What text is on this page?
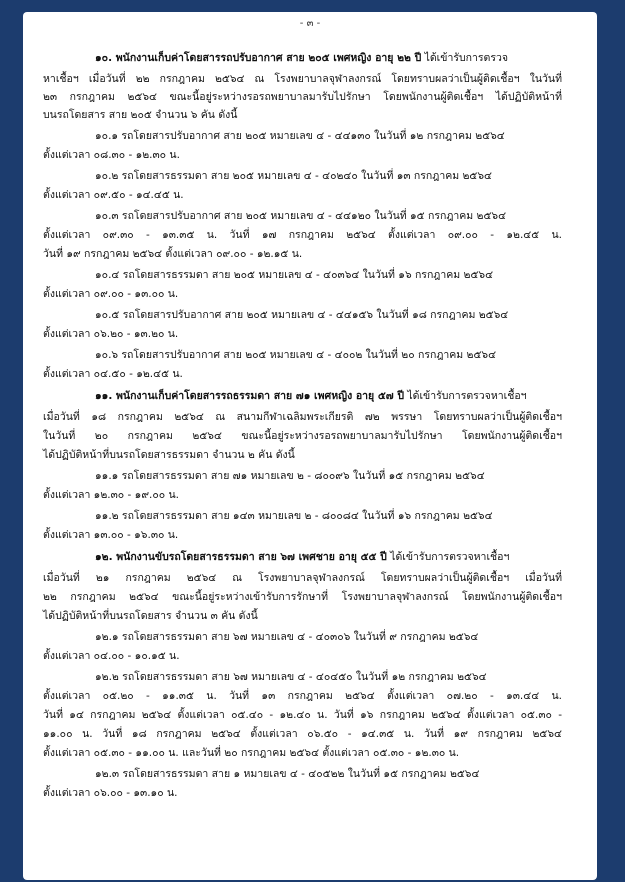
- ๓ -
๑๐. พนักงานเก็บค่าโดยสารรถปรับอากาศ สาย ๒๐๕ เพศหญิง อายุ ๒๒ ปี ได้เข้ารับการตรวจ
หาเชื้อฯ เมื่อวันที่ ๒๒ กรกฎาคม ๒๕๖๔ ณ โรงพยาบาลจุฬาลงกรณ์ โดยทราบผลว่าเป็นผู้ติดเชื้อฯ ในวันที่
๒๓ กรกฎาคม ๒๕๖๔ ขณะนี้อยู่ระหว่างรอรถพยาบาลมารับไปรักษา โดยพนักงานผู้ติดเชื้อฯ ได้ปฏิบัติหน้าที่
บนรถโดยสาร สาย ๒๐๕ จำนวน ๖ คัน ดังนี้
๑๐.๑ รถโดยสารปรับอากาศ สาย ๒๐๕ หมายเลข ๔ - ๔๔๑๓๐ ในวันที่ ๑๒ กรกฎาคม ๒๕๖๔
ตั้งแต่เวลา ๐๘.๓๐ - ๑๒.๓๐ น.
๑๐.๒ รถโดยสารธรรมดา สาย ๒๐๕ หมายเลข ๔ - ๔๐๒๔๐ ในวันที่ ๑๓ กรกฎาคม ๒๕๖๔
ตั้งแต่เวลา ๐๙.๕๐ - ๑๔.๔๕ น.
๑๐.๓ รถโดยสารปรับอากาศ สาย ๒๐๕ หมายเลข ๔ - ๔๔๑๒๐ ในวันที่ ๑๕ กรกฎาคม ๒๕๖๔
ตั้งแต่เวลา ๐๙.๓๐ - ๑๓.๓๕ น. วันที่ ๑๗ กรกฎาคม ๒๕๖๔ ตั้งแต่เวลา ๐๙.๐๐ - ๑๒.๔๕ น.
วันที่ ๑๙ กรกฎาคม ๒๕๖๔ ตั้งแต่เวลา ๐๙.๐๐ - ๑๒.๑๕ น.
๑๐.๔ รถโดยสารธรรมดา สาย ๒๐๕ หมายเลข ๔ - ๔๐๓๖๔ ในวันที่ ๑๖ กรกฎาคม ๒๕๖๔
ตั้งแต่เวลา ๐๙.๐๐ - ๑๓.๐๐ น.
๑๐.๕ รถโดยสารปรับอากาศ สาย ๒๐๕ หมายเลข ๔ - ๔๔๑๕๖ ในวันที่ ๑๘ กรกฎาคม ๒๕๖๔
ตั้งแต่เวลา ๐๖.๒๐ - ๑๓.๒๐ น.
๑๐.๖ รถโดยสารปรับอากาศ สาย ๒๐๕ หมายเลข ๔ - ๔๐๐๒ ในวันที่ ๒๐ กรกฎาคม ๒๕๖๔
ตั้งแต่เวลา ๐๔.๕๐ - ๑๒.๔๕ น.
๑๑. พนักงานเก็บค่าโดยสารรถธรรมดา สาย ๗๑ เพศหญิง อายุ ๕๗ ปี ได้เข้ารับการตรวจหาเชื้อฯ
เมื่อวันที่ ๑๘ กรกฎาคม ๒๕๖๔ ณ สนามกีฬาเฉลิมพระเกียรติ ๗๒ พรรษา โดยทราบผลว่าเป็นผู้ติดเชื้อฯ
ในวันที่ ๒๐ กรกฎาคม ๒๕๖๔ ขณะนี้อยู่ระหว่างรอรถพยาบาลมารับไปรักษา โดยพนักงานผู้ติดเชื้อฯ
ได้ปฏิบัติหน้าที่บนรถโดยสารธรรมดา จำนวน ๒ คัน ดังนี้
๑๑.๑ รถโดยสารธรรมดา สาย ๗๑ หมายเลข ๒ - ๘๐๐๙๖ ในวันที่ ๑๕ กรกฎาคม ๒๕๖๔
ตั้งแต่เวลา ๑๒.๓๐ - ๑๙.๐๐ น.
๑๑.๒ รถโดยสารธรรมดา สาย ๑๔๓ หมายเลข ๒ - ๘๐๐๘๔ ในวันที่ ๑๖ กรกฎาคม ๒๕๖๔
ตั้งแต่เวลา ๑๓.๐๐ - ๑๖.๓๐ น.
๑๒. พนักงานขับรถโดยสารธรรมดา สาย ๖๗ เพศชาย อายุ ๕๕ ปี ได้เข้ารับการตรวจหาเชื้อฯ
เมื่อวันที่ ๒๑ กรกฎาคม ๒๕๖๔ ณ โรงพยาบาลจุฬาลงกรณ์ โดยทราบผลว่าเป็นผู้ติดเชื้อฯ เมื่อวันที่
๒๒ กรกฎาคม ๒๕๖๔ ขณะนี้อยู่ระหว่างเข้ารับการรักษาที่ โรงพยาบาลจุฬาลงกรณ์ โดยพนักงานผู้ติดเชื้อฯ
ได้ปฏิบัติหน้าที่บนรถโดยสาร จำนวน ๓ คัน ดังนี้
๑๒.๑ รถโดยสารธรรมดา สาย ๖๗ หมายเลข ๔ - ๔๐๓๐๖ ในวันที่ ๙ กรกฎาคม ๒๕๖๔
ตั้งแต่เวลา ๐๔.๐๐ - ๑๐.๑๕ น.
๑๒.๒ รถโดยสารธรรมดา สาย ๖๗ หมายเลข ๔ - ๔๐๔๕๐ ในวันที่ ๑๒ กรกฎาคม ๒๕๖๔
ตั้งแต่เวลา ๐๕.๒๐ - ๑๑.๓๕ น. วันที่ ๑๓ กรกฎาคม ๒๕๖๔ ตั้งแต่เวลา ๐๗.๒๐ - ๑๓.๔๔ น.
วันที่ ๑๔ กรกฎาคม ๒๕๖๔ ตั้งแต่เวลา ๐๕.๔๐ - ๑๒.๔๐ น. วันที่ ๑๖ กรกฎาคม ๒๕๖๔ ตั้งแต่เวลา ๐๕.๓๐ -
๑๑.๐๐ น. วันที่ ๑๘ กรกฎาคม ๒๕๖๔ ตั้งแต่เวลา ๐๖.๕๐ - ๑๔.๓๕ น. วันที่ ๑๙ กรกฎาคม ๒๕๖๔
ตั้งแต่เวลา ๐๕.๓๐ - ๑๑.๐๐ น. และวันที่ ๒๐ กรกฎาคม ๒๕๖๔ ตั้งแต่เวลา ๐๕.๓๐ - ๑๒.๓๐ น.
๑๒.๓ รถโดยสารธรรมดา สาย ๑ หมายเลข ๔ - ๔๐๕๒๒ ในวันที่ ๑๕ กรกฎาคม ๒๕๖๔
ตั้งแต่เวลา ๐๖.๐๐ - ๑๓.๑๐ น.
